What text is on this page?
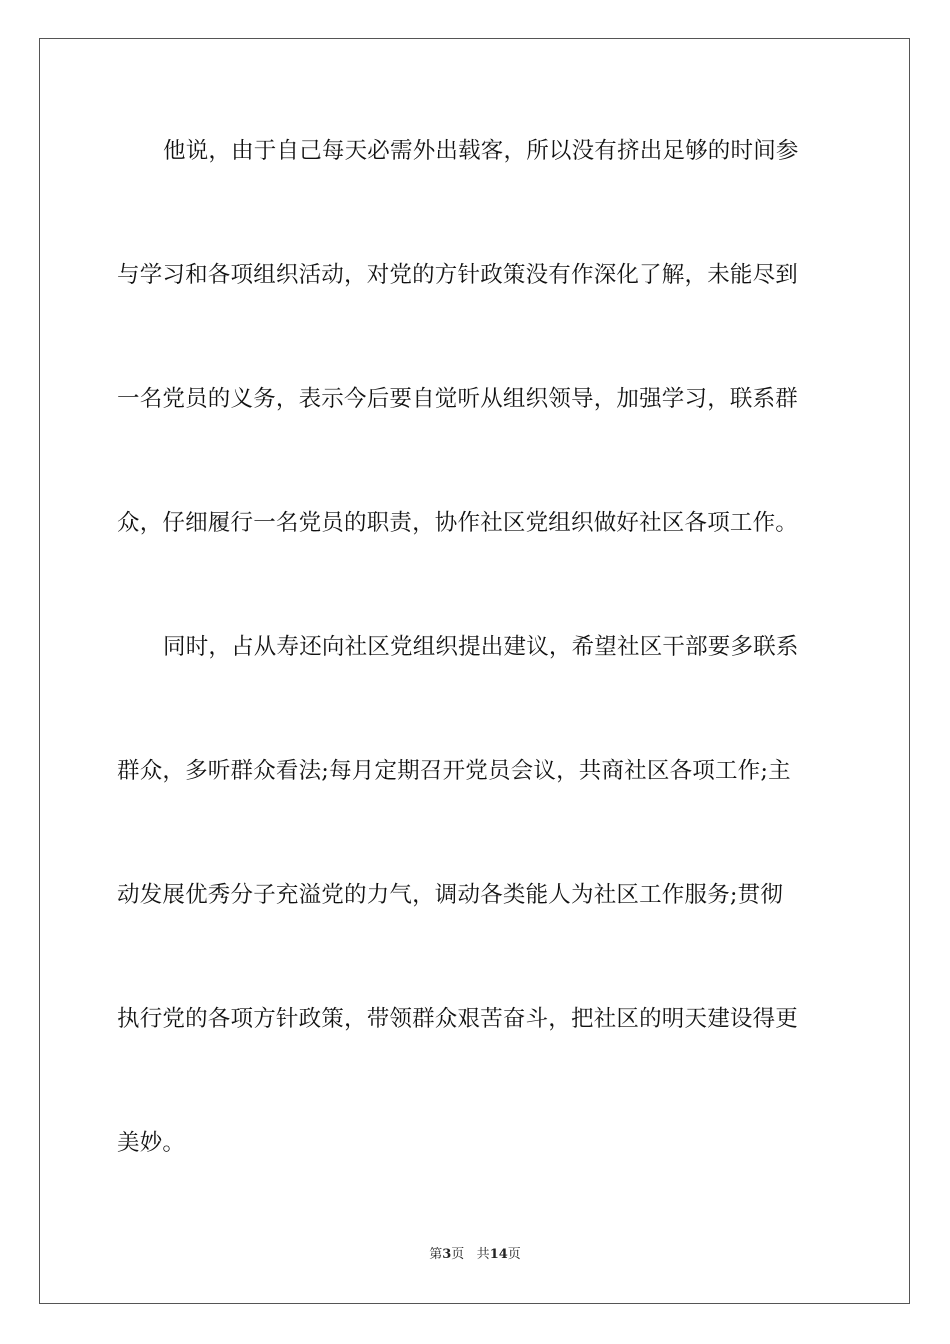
他说，由于自己每天必需外出载客，所以没有挤出足够的时间参
与学习和各项组织活动，对党的方针政策没有作深化了解，未能尽到
一名党员的义务，表示今后要自觉听从组织领导，加强学习，联系群
众，仔细履行一名党员的职责，协作社区党组织做好社区各项工作。
同时，占从寿还向社区党组织提出建议，希望社区干部要多联系
群众，多听群众看法;每月定期召开党员会议，共商社区各项工作;主
动发展优秀分子充溢党的力气，调动各类能人为社区工作服务;贯彻
执行党的各项方针政策，带领群众艰苦奋斗，把社区的明天建设得更
美妙。
第3页 共14页
